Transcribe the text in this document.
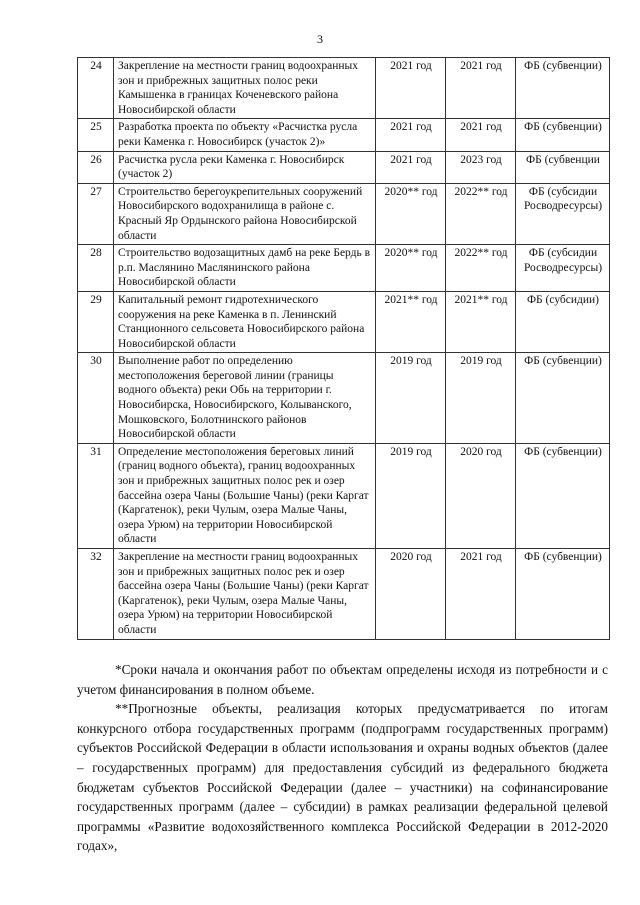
3
24	Закрепление на местности границ водоохранных зон и прибрежных защитных полос реки Камышенка в границах Коченевского района Новосибирской области	2021 год	2021 год	ФБ (субвенции)
25	Разработка проекта по объекту «Расчистка русла реки Каменка г. Новосибирск (участок 2)»	2021 год	2021 год	ФБ (субвенции)
26	Расчистка русла реки Каменка г. Новосибирск (участок 2)	2021 год	2023 год	ФБ (субвенции
27	Строительство берегоукрепительных сооружений Новосибирского водохранилища в районе с. Красный Яр Ордынского района Новосибирской области	2020** год	2022** год	ФБ (субсидии Росводресурсы)
28	Строительство водозащитных дамб на реке Бердь в р.п. Маслянино Маслянинского района Новосибирской области	2020** год	2022** год	ФБ (субсидии Росводресурсы)
29	Капитальный ремонт гидротехнического сооружения на реке Каменка в п. Ленинский Станционного сельсовета Новосибирского района Новосибирской области	2021** год	2021** год	ФБ (субсидии)
30	Выполнение работ по определению местоположения береговой линии (границы водного объекта) реки Обь на территории г. Новосибирска, Новосибирского, Колыванского, Мошковского, Болотнинского районов Новосибирской области	2019 год	2019 год	ФБ (субвенции)
31	Определение местоположения береговых линий (границ водного объекта), границ водоохранных зон и прибрежных защитных полос рек и озер бассейна озера Чаны (Большие Чаны) (реки Каргат (Каргатенок), реки Чулым, озера Малые Чаны, озера Урюм) на территории Новосибирской области	2019 год	2020 год	ФБ (субвенции)
32	Закрепление на местности границ водоохранных зон и прибрежных защитных полос рек и озер бассейна озера Чаны (Большие Чаны) (реки Каргат (Каргатенок), реки Чулым, озера Малые Чаны, озера Урюм) на территории Новосибирской области	2020 год	2021 год	ФБ (субвенции)

*Сроки начала и окончания работ по объектам определены исходя из потребности и с учетом финансирования в полном объеме.

**Прогнозные объекты, реализация которых предусматривается по итогам конкурсного отбора государственных программ (подпрограмм государственных программ) субъектов Российской Федерации в области использования и охраны водных объектов (далее – государственных программ) для предоставления субсидий из федерального бюджета бюджетам субъектов Российской Федерации (далее – участники) на софинансирование государственных программ (далее – субсидии) в рамках реализации федеральной целевой программы «Развитие водохозяйственного комплекса Российской Федерации в 2012-2020 годах»,
